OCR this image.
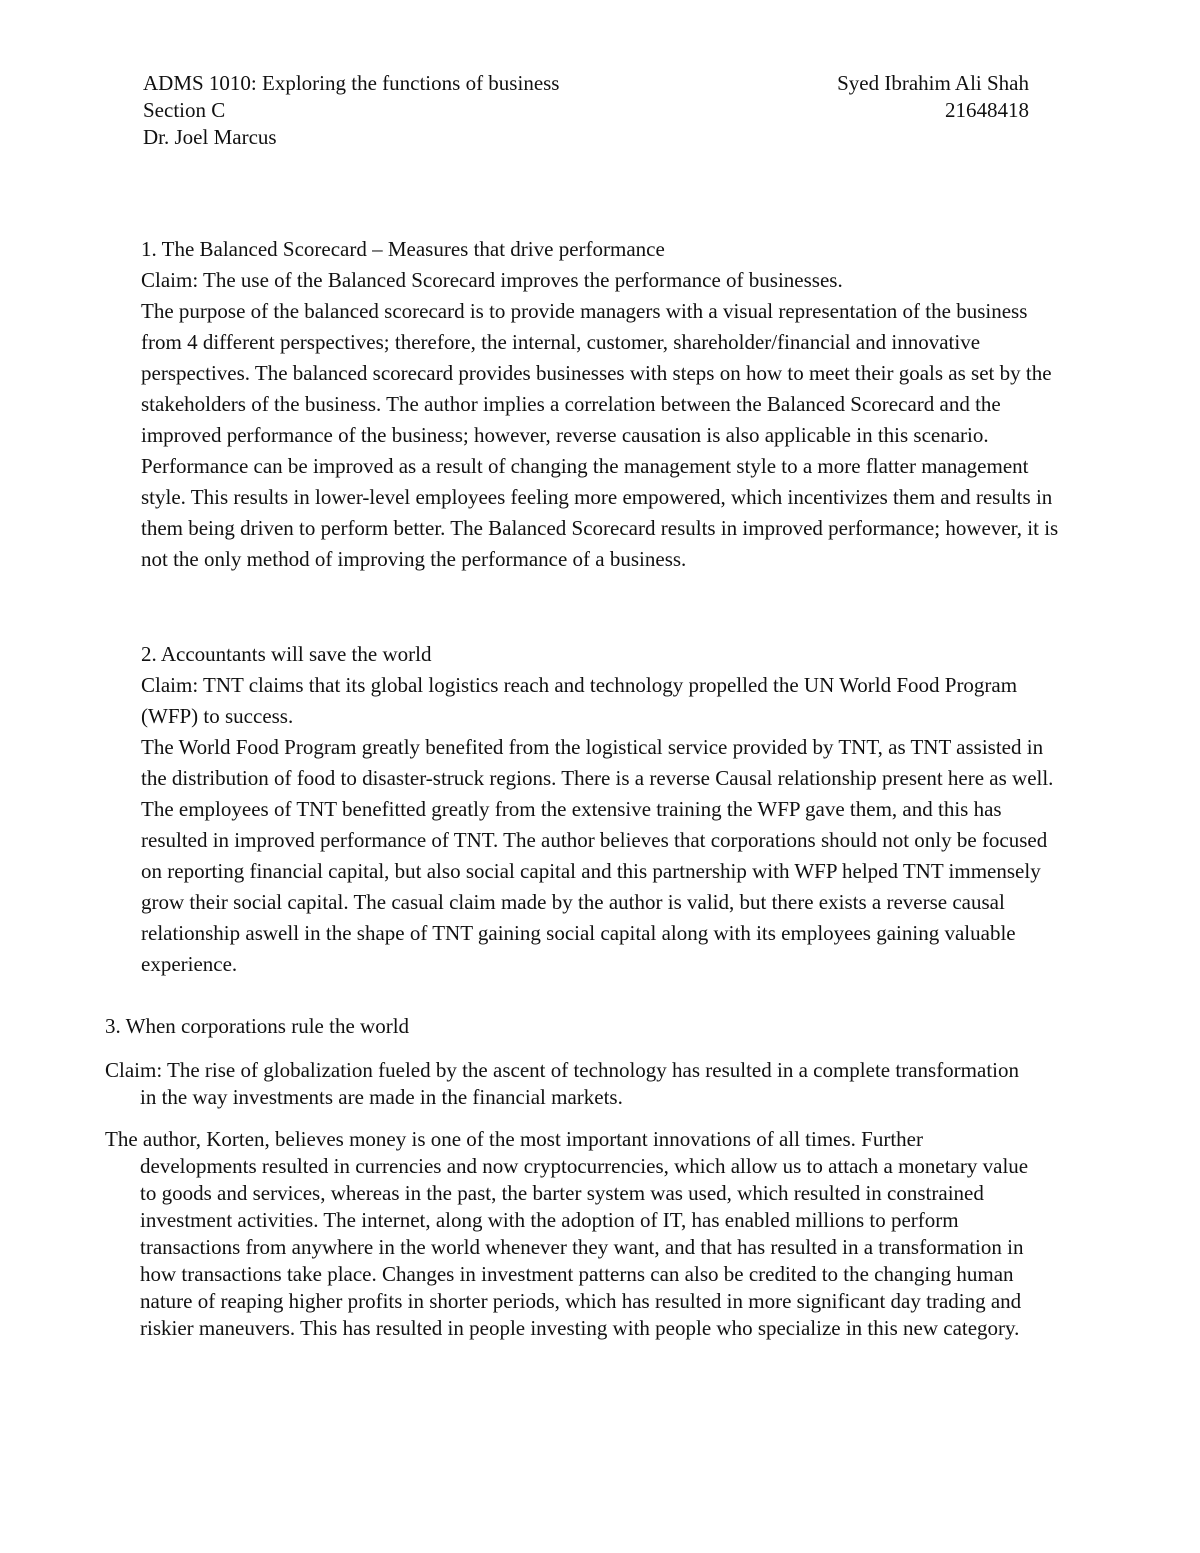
ADMS 1010: Exploring the functions of business
Section C
Dr. Joel Marcus
Syed Ibrahim Ali Shah
21648418

1. The Balanced Scorecard – Measures that drive performance

Claim: The use of the Balanced Scorecard improves the performance of businesses.

The purpose of the balanced scorecard is to provide managers with a visual representation of the business from 4 different perspectives; therefore, the internal, customer, shareholder/financial and innovative perspectives. The balanced scorecard provides businesses with steps on how to meet their goals as set by the stakeholders of the business. The author implies a correlation between the Balanced Scorecard and the improved performance of the business; however, reverse causation is also applicable in this scenario. Performance can be improved as a result of changing the management style to a more flatter management style. This results in lower-level employees feeling more empowered, which incentivizes them and results in them being driven to perform better. The Balanced Scorecard results in improved performance; however, it is not the only method of improving the performance of a business.

2. Accountants will save the world

Claim: TNT claims that its global logistics reach and technology propelled the UN World Food Program (WFP) to success.

The World Food Program greatly benefited from the logistical service provided by TNT, as TNT assisted in the distribution of food to disaster-struck regions. There is a reverse Causal relationship present here as well. The employees of TNT benefitted greatly from the extensive training the WFP gave them, and this has resulted in improved performance of TNT. The author believes that corporations should not only be focused on reporting financial capital, but also social capital and this partnership with WFP helped TNT immensely grow their social capital. The casual claim made by the author is valid, but there exists a reverse causal relationship aswell in the shape of TNT gaining social capital along with its employees gaining valuable experience.

3. When corporations rule the world

Claim: The rise of globalization fueled by the ascent of technology has resulted in a complete transformation in the way investments are made in the financial markets.

The author, Korten, believes money is one of the most important innovations of all times. Further developments resulted in currencies and now cryptocurrencies, which allow us to attach a monetary value to goods and services, whereas in the past, the barter system was used, which resulted in constrained investment activities. The internet, along with the adoption of IT, has enabled millions to perform transactions from anywhere in the world whenever they want, and that has resulted in a transformation in how transactions take place. Changes in investment patterns can also be credited to the changing human nature of reaping higher profits in shorter periods, which has resulted in more significant day trading and riskier maneuvers. This has resulted in people investing with people who specialize in this new category.
